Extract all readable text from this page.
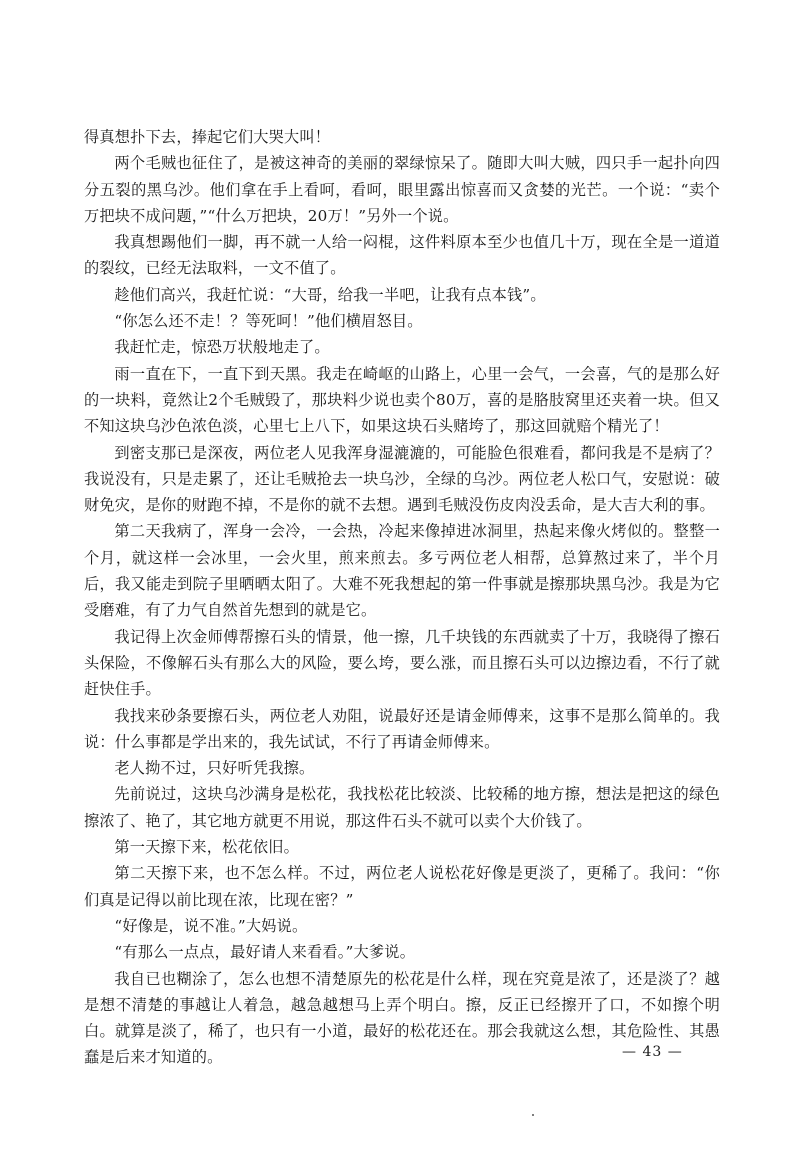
得真想扑下去，捧起它们大哭大叫！

两个毛贼也征住了，是被这神奇的美丽的翠绿惊呆了。随即大叫大贼，四只手一起扑向四分五裂的黑乌沙。他们拿在手上看呵，看呵，眼里露出惊喜而又贪婪的光芒。一个说：“卖个万把块不成问题，”“什么万把块，20万！”另外一个说。

我真想踢他们一脚，再不就一人给一闷棍，这件料原本至少也值几十万，现在全是一道道的裂纹，已经无法取料，一文不值了。

趁他们高兴，我赶忙说：“大哥，给我一半吧，让我有点本钱”。

“你怎么还不走！？等死呵！”他们横眉怒目。

我赶忙走，惊恐万状般地走了。

雨一直在下，一直下到天黑。我走在崎岖的山路上，心里一会气，一会喜，气的是那么好的一块料，竟然让2个毛贼毁了，那块料少说也卖个80万，喜的是胳肢窝里还夹着一块。但又不知这块乌沙色浓色淡，心里七上八下，如果这块石头赌垮了，那这回就赔个精光了！

到密支那已是深夜，两位老人见我浑身湿漉漉的，可能脸色很难看，都问我是不是病了？我说没有，只是走累了，还让毛贼抢去一块乌沙，全绿的乌沙。两位老人松口气，安慰说：破财免灾，是你的财跑不掉，不是你的就不去想。遇到毛贼没伤皮肉没丢命，是大吉大利的事。

第二天我病了，浑身一会冷，一会热，冷起来像掉进冰洞里，热起来像火烤似的。整整一个月，就这样一会冰里，一会火里，煎来煎去。多亏两位老人相帮，总算熬过来了，半个月后，我又能走到院子里晒晒太阳了。大难不死我想起的第一件事就是擦那块黑乌沙。我是为它受磨难，有了力气自然首先想到的就是它。

我记得上次金师傅帮擦石头的情景，他一擦，几千块钱的东西就卖了十万，我晓得了擦石头保险，不像解石头有那么大的风险，要么垮，要么涨，而且擦石头可以边擦边看，不行了就赶快住手。

我找来砂条要擦石头，两位老人劝阻，说最好还是请金师傅来，这事不是那么简单的。我说：什么事都是学出来的，我先试试，不行了再请金师傅来。

老人拗不过，只好听凭我擦。

先前说过，这块乌沙满身是松花，我找松花比较淡、比较稀的地方擦，想法是把这的绿色擦浓了、艳了，其它地方就更不用说，那这件石头不就可以卖个大价钱了。

第一天擦下来，松花依旧。

第二天擦下来，也不怎么样。不过，两位老人说松花好像是更淡了，更稀了。我问：“你们真是记得以前比现在浓，比现在密？”

“好像是，说不准。”大妈说。

“有那么一点点，最好请人来看看。”大爹说。

我自已也糊涂了，怎么也想不清楚原先的松花是什么样，现在究竟是浓了，还是淡了？越是想不清楚的事越让人着急，越急越想马上弄个明白。擦，反正已经擦开了口，不如擦个明白。就算是淡了，稀了，也只有一小道，最好的松花还在。那会我就这么想，其危险性、其愚蠢是后来才知道的。	— 43 —
